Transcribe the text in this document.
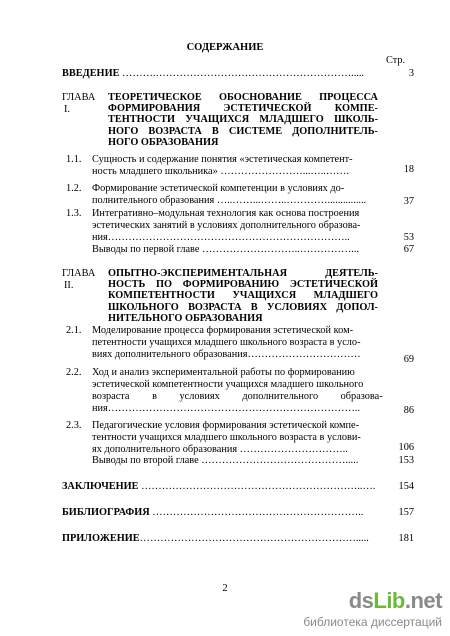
СОДЕРЖАНИЕ
Стр.
ВВЕДЕНИЕ ……….………………………………………………….....	3
ГЛАВА
I.
ТЕОРЕТИЧЕСКОЕ ОБОСНОВАНИЕ ПРОЦЕССА
ФОРМИРОВАНИЯ ЭСТЕТИЧЕСКОЙ КОМПЕ-
ТЕНТНОСТИ УЧАЩИХСЯ МЛАДШЕГО ШКОЛЬ-
НОГО ВОЗРАСТА В СИСТЕМЕ ДОПОЛНИТЕЛЬ-
НОГО ОБРАЗОВАНИЯ
1.1. Сущность и содержание понятия «эстетическая компетент-
ность младшего школьника» ……………………...…..…….	18
1.2. Формирование эстетической компетенции в условиях до-
полнительного образования …..……...……..…………...............	37
1.3. Интегративно–модульная технология как основа построения
эстетических занятий в условиях дополнительного образова-
ния……………………………………………………………..	53
Выводы по первой главе ………………………..……………...	67
ГЛАВА
II.
ОПЫТНО-ЭКСПЕРИМЕНТАЛЬНАЯ ДЕЯТЕЛЬ-
НОСТЬ ПО ФОРМИРОВАНИЮ ЭСТЕТИЧЕСКОЙ
КОМПЕТЕНТНОСТИ УЧАЩИХСЯ МЛАДШЕГО
ШКОЛЬНОГО ВОЗРАСТА В УСЛОВИЯХ ДОПОЛ-
НИТЕЛЬНОГО ОБРАЗОВАНИЯ
2.1. Моделирование процесса формирования эстетической ком-
петентности учащихся младшего школьного возраста в усло-
виях дополнительного образования……………………………	69
2.2. Ход и анализ экспериментальной работы по формированию
эстетической компетентности учащихся младшего школьного
возраста в условиях дополнительного образова-
ния………………………………………………………………..	86
2.3. Педагогические условия формирования эстетической компе-
тентности учащихся младшего школьного возраста в услови-
ях дополнительного образования …………………………..	106
Выводы по второй главе …………………………………….....	153
ЗАКЛЮЧЕНИЕ ………………………………………………………..….	154
БИБЛИОГРАФИЯ ……………………………………………………..	157
ПРИЛОЖЕНИЕ……………………………………………………….....	181
2	dsLib.net
библиотека диссертаций
